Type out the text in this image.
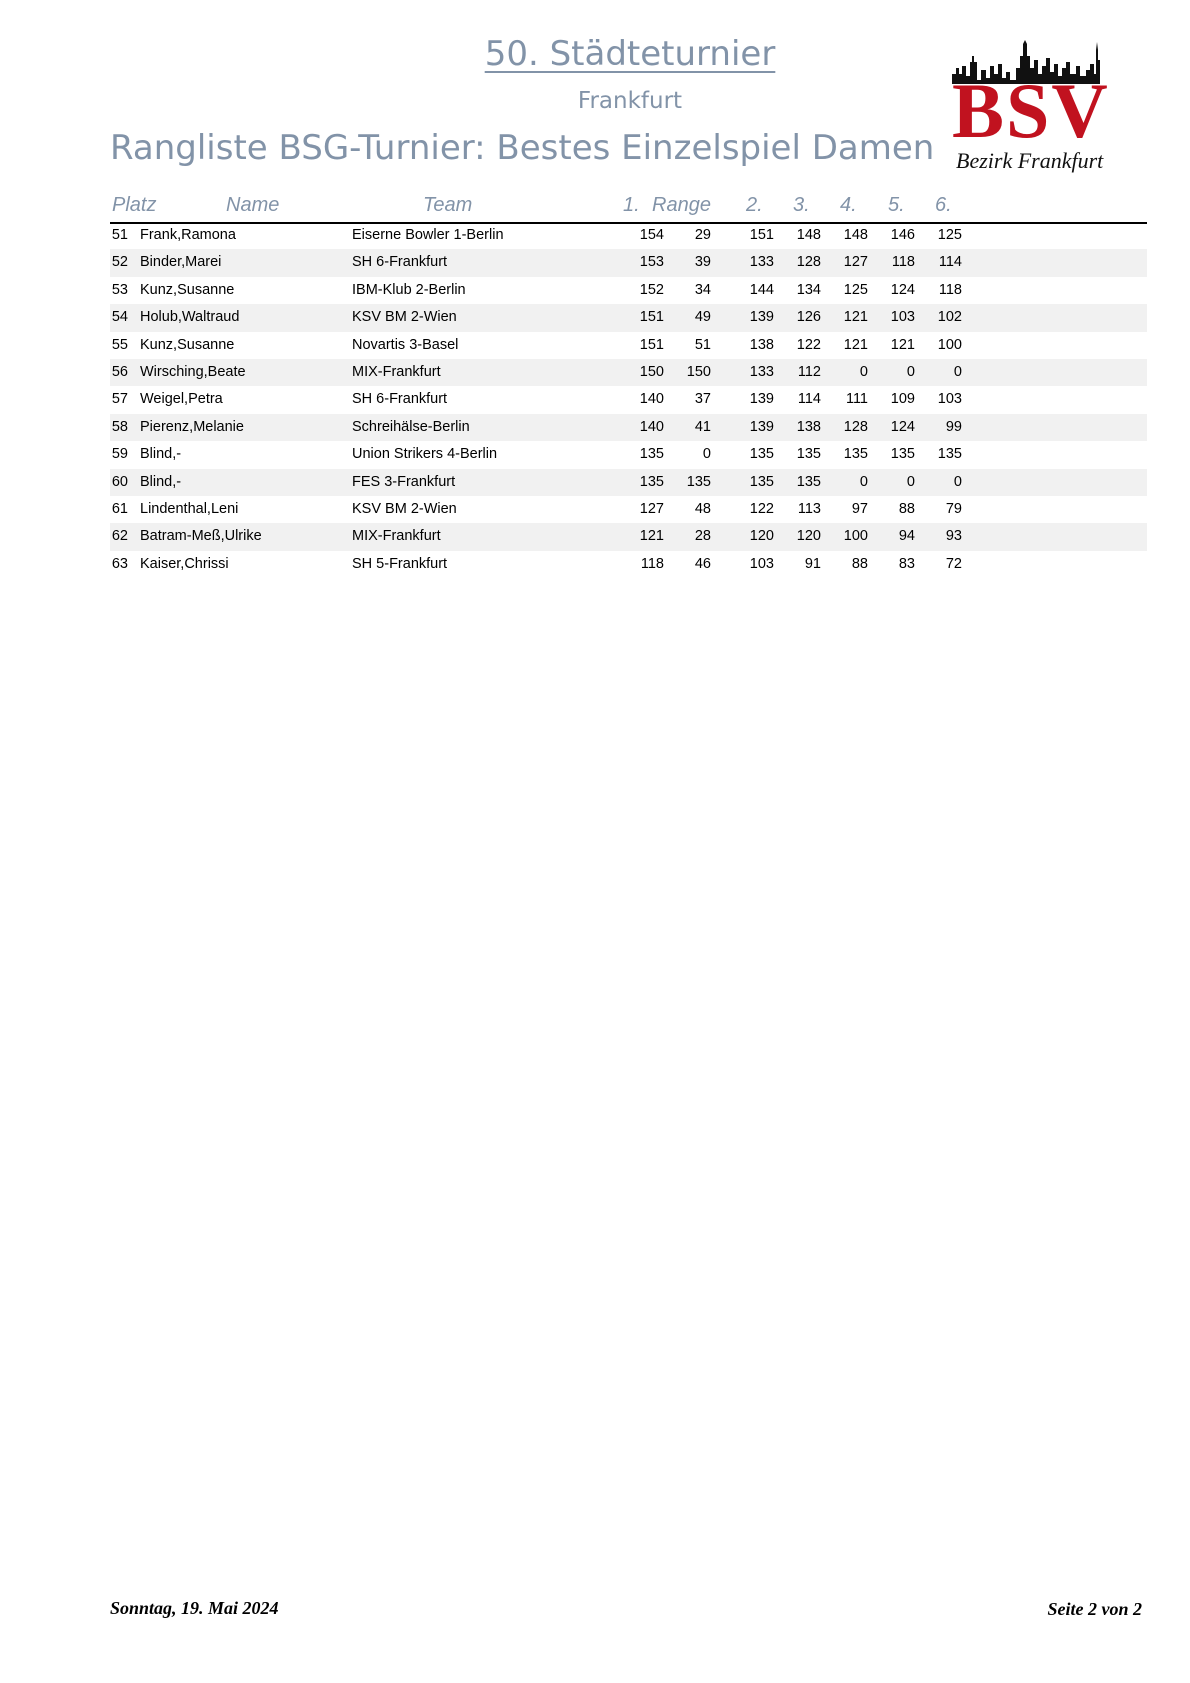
50. Städteturnier
Frankfurt
Rangliste BSG-Turnier: Bestes Einzelspiel Damen BSV
Bezirk Frankfurt
Platz	Name	Team	1. Range 2. 3. 4. 5. 6.
51 Frank,Ramona	Eiserne Bowler 1-Berlin	154 29	151 148 148 146 125
52 Binder,Marei	SH 6-Frankfurt	153 39	133 128 127 118 114
53 Kunz,Susanne	IBM-Klub 2-Berlin	152 34	144 134 125 124 118
54 Holub,Waltraud	KSV BM 2-Wien	151 49	139 126 121 103 102
55 Kunz,Susanne	Novartis 3-Basel	151 51	138 122 121 121 100
56 Wirsching,Beate	MIX-Frankfurt	150 150	133 112	0	0	0
57 Weigel,Petra	SH 6-Frankfurt	140 37	139 114 111 109 103
58 Pierenz,Melanie	Schreihälse-Berlin	140 41	139 138 128 124 99
59 Blind,-	Union Strikers 4-Berlin	135	0	135 135 135 135 135
60 Blind,-	FES 3-Frankfurt	135 135	135 135	0	0	0
61 Lindenthal,Leni	KSV BM 2-Wien	127 48	122 113 97 88 79
62 Batram-Meß,Ulrike	MIX-Frankfurt	121 28	120 120 100 94 93
63 Kaiser,Chrissi	SH 5-Frankfurt	118 46	103 91 88 83 72
Sonntag, 19. Mai 2024	Seite 2 von 2
